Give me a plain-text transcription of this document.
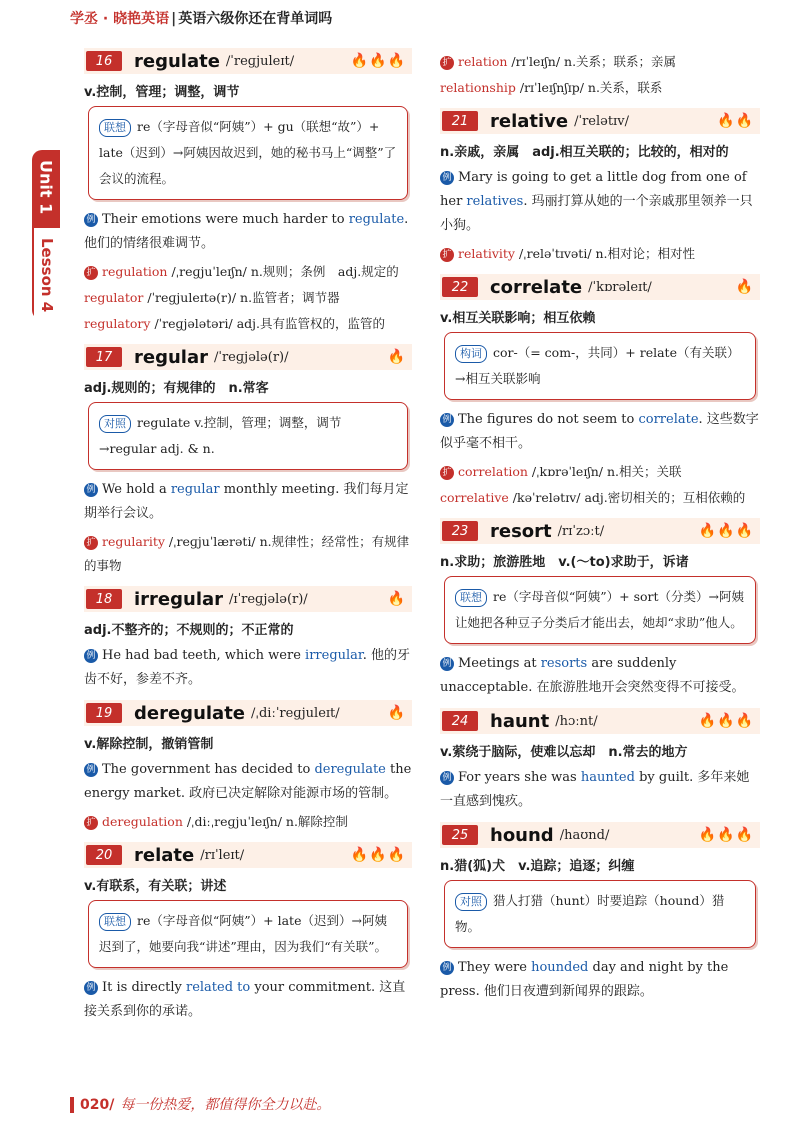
学丞 · 晓艳英语 | 英语六级你还在背单词吗
Unit 1
Lesson 4
16	regulate /ˈreɡjuleɪt/	🔥🔥🔥
v.控制，管理；调整，调节
联想 re（字母音似“阿姨”）+ gu（联想“故”）+ late（迟到）→阿姨因故迟到，她的秘书马上“调整”了会议的流程。
例 Their emotions were much harder to regulate. 他们的情绪很难调节。
扩 regulation /ˌreɡjuˈleɪʃn/ n.规则；条例　adj.规定的
regulator /ˈreɡjuleɪtə(r)/ n.监管者；调节器
regulatory /ˈreɡjələtəri/ adj.具有监管权的，监管的
17	regular /ˈreɡjələ(r)/	🔥
adj.规则的；有规律的　n.常客
对照 regulate v.控制，管理；调整，调节→regular adj. & n.
例 We hold a regular monthly meeting. 我们每月定期举行会议。
扩 regularity /ˌreɡjuˈlærəti/ n.规律性；经常性；有规律的事物
18	irregular /ɪˈreɡjələ(r)/	🔥
adj.不整齐的；不规则的；不正常的
例 He had bad teeth, which were irregular. 他的牙齿不好，参差不齐。
19	deregulate /ˌdiːˈreɡjuleɪt/	🔥
v.解除控制，撤销管制
例 The government has decided to deregulate the energy market. 政府已决定解除对能源市场的管制。
扩 deregulation /ˌdiːˌreɡjuˈleɪʃn/ n.解除控制
20	relate /rɪˈleɪt/	🔥🔥🔥
v.有联系，有关联；讲述
联想 re（字母音似“阿姨”）+ late（迟到）→阿姨迟到了，她要向我“讲述”理由，因为我们“有关联”。
例 It is directly related to your commitment. 这直接关系到你的承诺。
扩 relation /rɪˈleɪʃn/ n.关系；联系；亲属
relationship /rɪˈleɪʃnʃɪp/ n.关系，联系
21	relative /ˈrelətɪv/	🔥🔥
n.亲戚，亲属　adj.相互关联的；比较的，相对的
例 Mary is going to get a little dog from one of her relatives. 玛丽打算从她的一个亲戚那里领养一只小狗。
扩 relativity /ˌreləˈtɪvəti/ n.相对论；相对性
22	correlate /ˈkɒrəleɪt/	🔥
v.相互关联影响；相互依赖
构词 cor-（= com-，共同）+ relate（有关联）→相互关联影响
例 The figures do not seem to correlate. 这些数字似乎毫不相干。
扩 correlation /ˌkɒrəˈleɪʃn/ n.相关；关联
correlative /kəˈrelətɪv/ adj.密切相关的；互相依赖的
23	resort /rɪˈzɔːt/	🔥🔥🔥
n.求助；旅游胜地　v.(～to)求助于，诉诸
联想 re（字母音似“阿姨”）+ sort（分类）→阿姨让她把各种豆子分类后才能出去，她却“求助”他人。
例 Meetings at resorts are suddenly unacceptable. 在旅游胜地开会突然变得不可接受。
24	haunt /hɔːnt/	🔥🔥🔥
v.萦绕于脑际，使难以忘却　n.常去的地方
例 For years she was haunted by guilt. 多年来她一直感到愧疚。
25	hound /haʊnd/	🔥🔥🔥
n.猎(狐)犬　v.追踪；追逐；纠缠
对照 猎人打猎（hunt）时要追踪（hound）猎物。
例 They were hounded day and night by the press. 他们日夜遭到新闻界的跟踪。
020/ 每一份热爱，都值得你全力以赴。
